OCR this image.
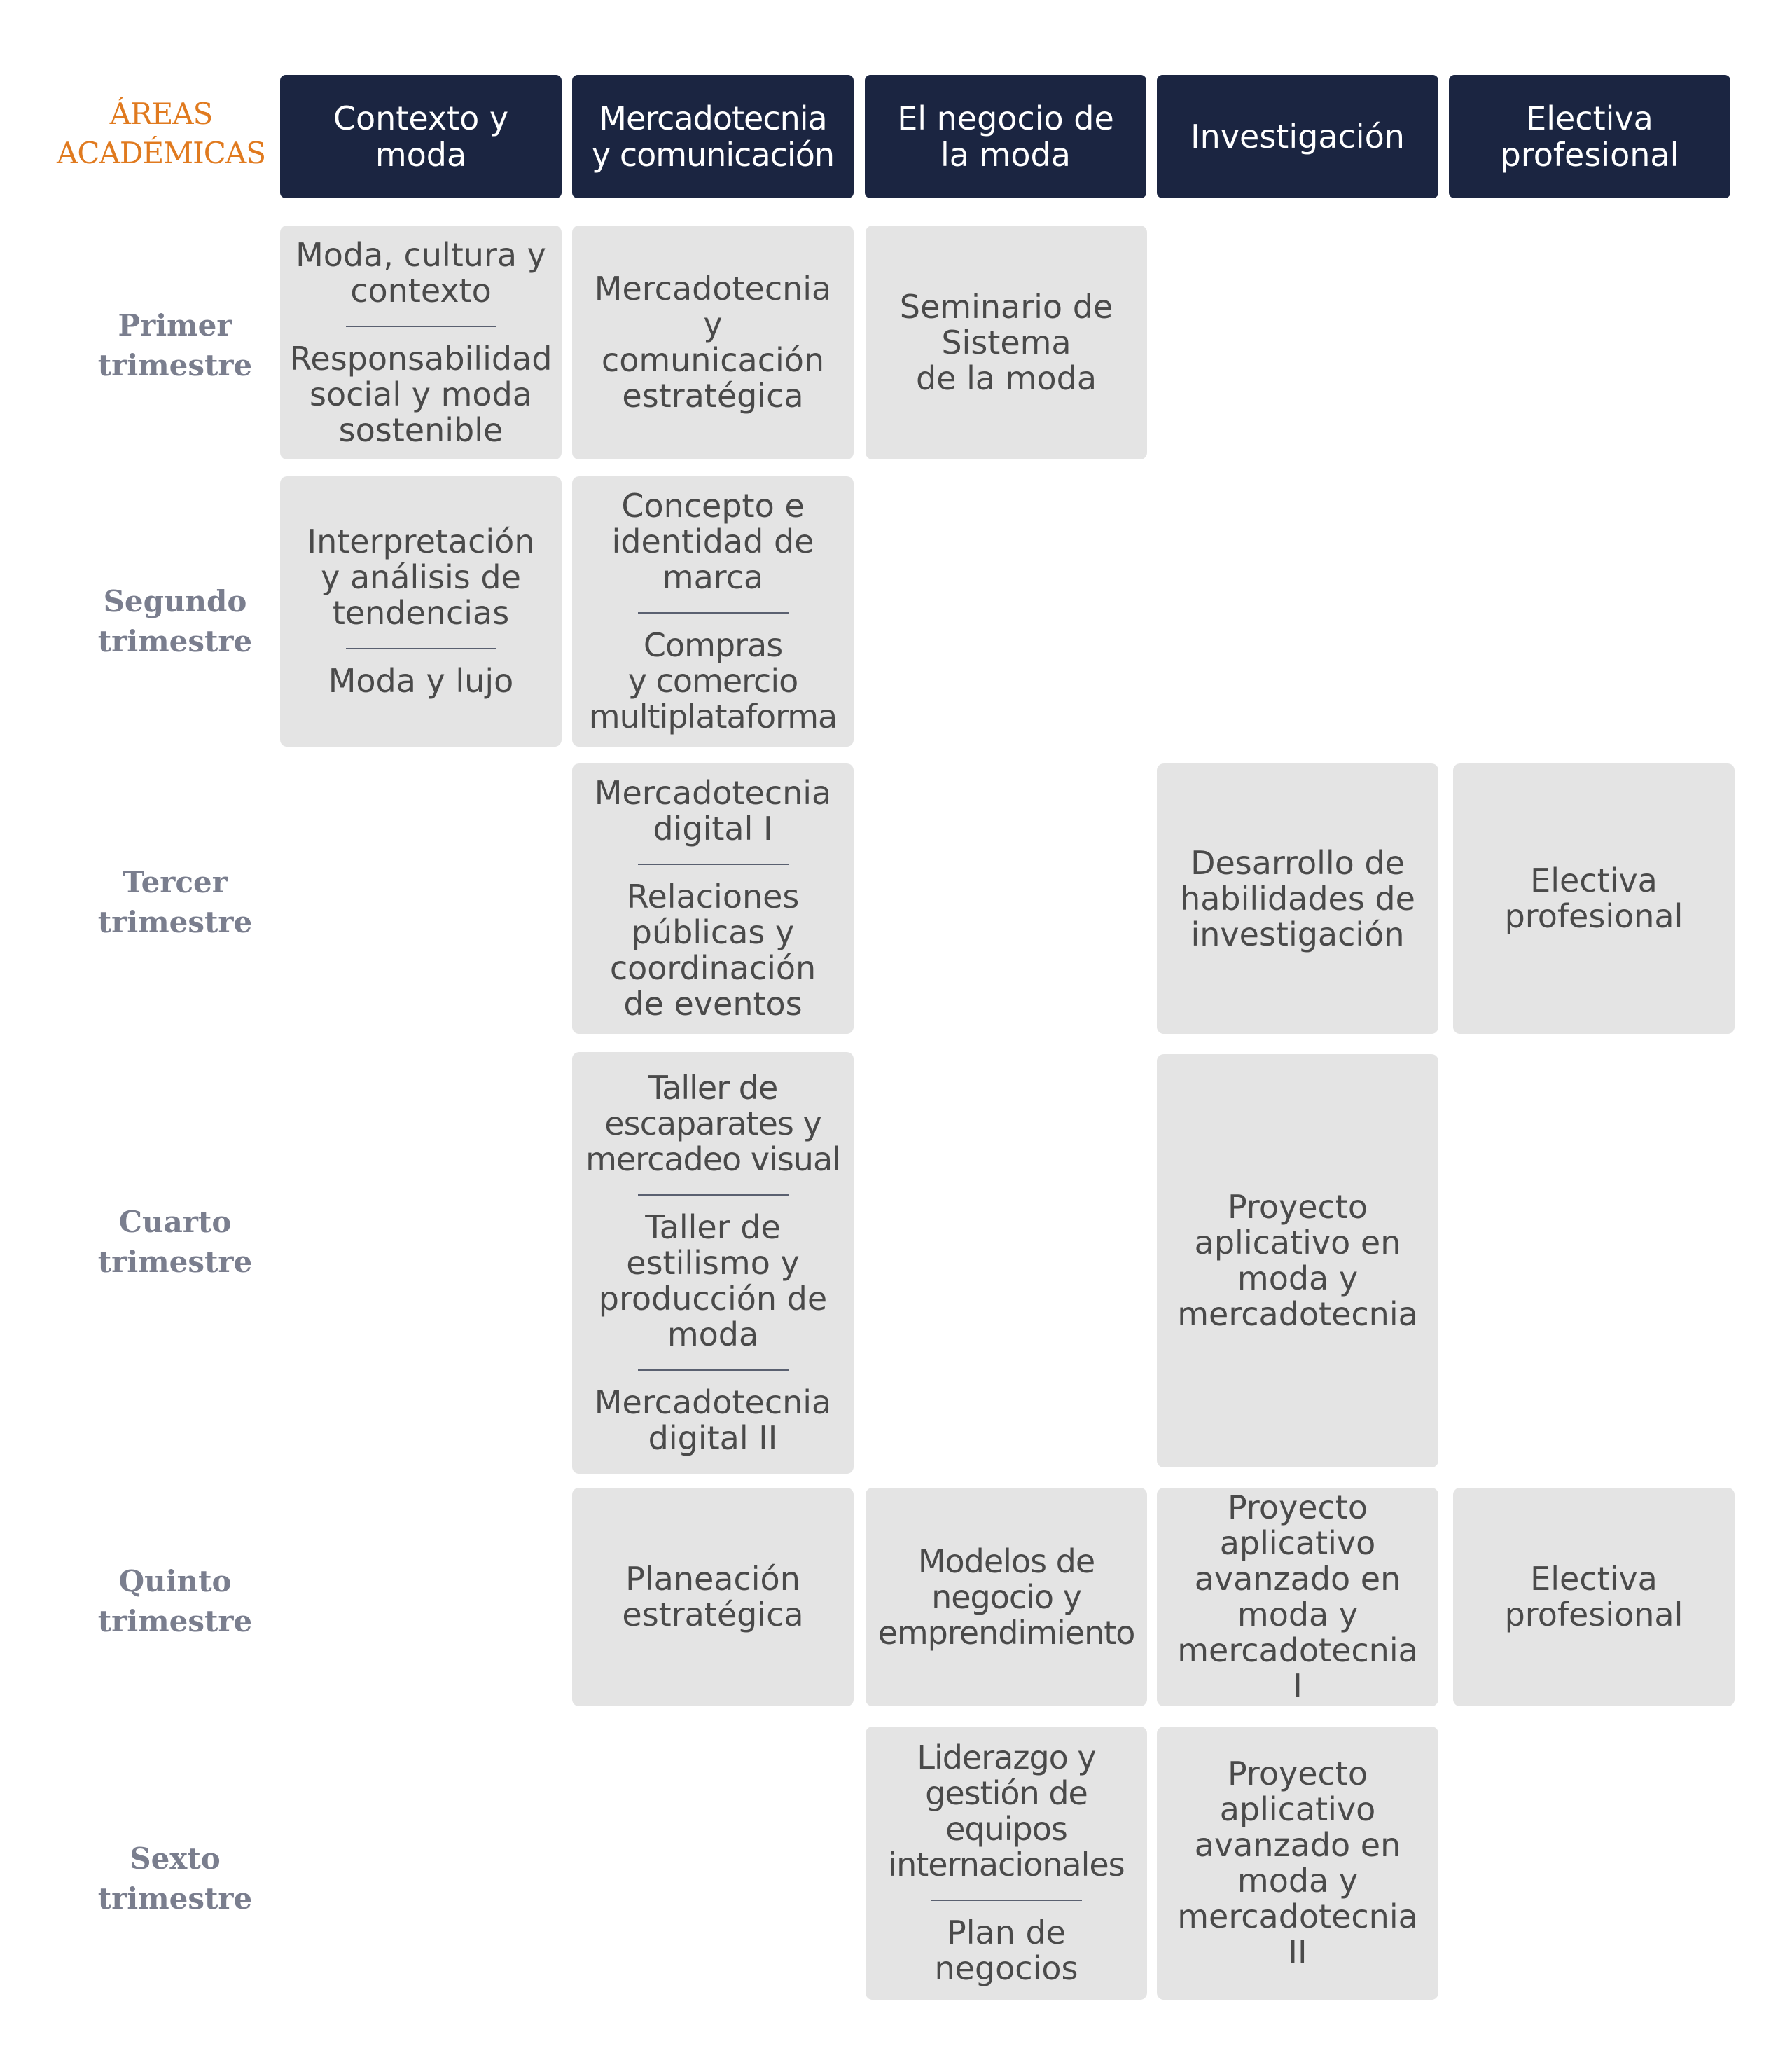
ÁREAS
ACADÉMICAS
Contexto y
moda
Mercadotecnia
y comunicación
El negocio de
la moda	Investigación	Electiva
profesional
Primer
trimestre
Segundo
trimestre
Tercer
trimestre
Cuarto
trimestre
Quinto
trimestre
Sexto
trimestre
Moda, cultura y
contexto
Responsabilidad
social y moda
sostenible
Mercadotecnia
y
comunicación
estratégica
Seminario de
Sistema
de la moda
Interpretación
y análisis de
tendencias
Moda y lujo
Concepto e
identidad de
marca
Compras
y comercio
multiplataforma
Mercadotecnia
digital I
Relaciones
públicas y
coordinación
de eventos
Desarrollo de
habilidades de
investigación
Electiva
profesional
Taller de
escaparates y
mercadeo visual
Taller de
estilismo y
producción de
moda
Mercadotecnia
digital II
Proyecto
aplicativo en
moda y
mercadotecnia
Planeación
estratégica
Modelos de
negocio y
emprendimiento
Proyecto
aplicativo
avanzado en
moda y
mercadotecnia
I
Electiva
profesional
Liderazgo y
gestión de
equipos
internacionales
Plan de
negocios
Proyecto
aplicativo
avanzado en
moda y
mercadotecnia
II
